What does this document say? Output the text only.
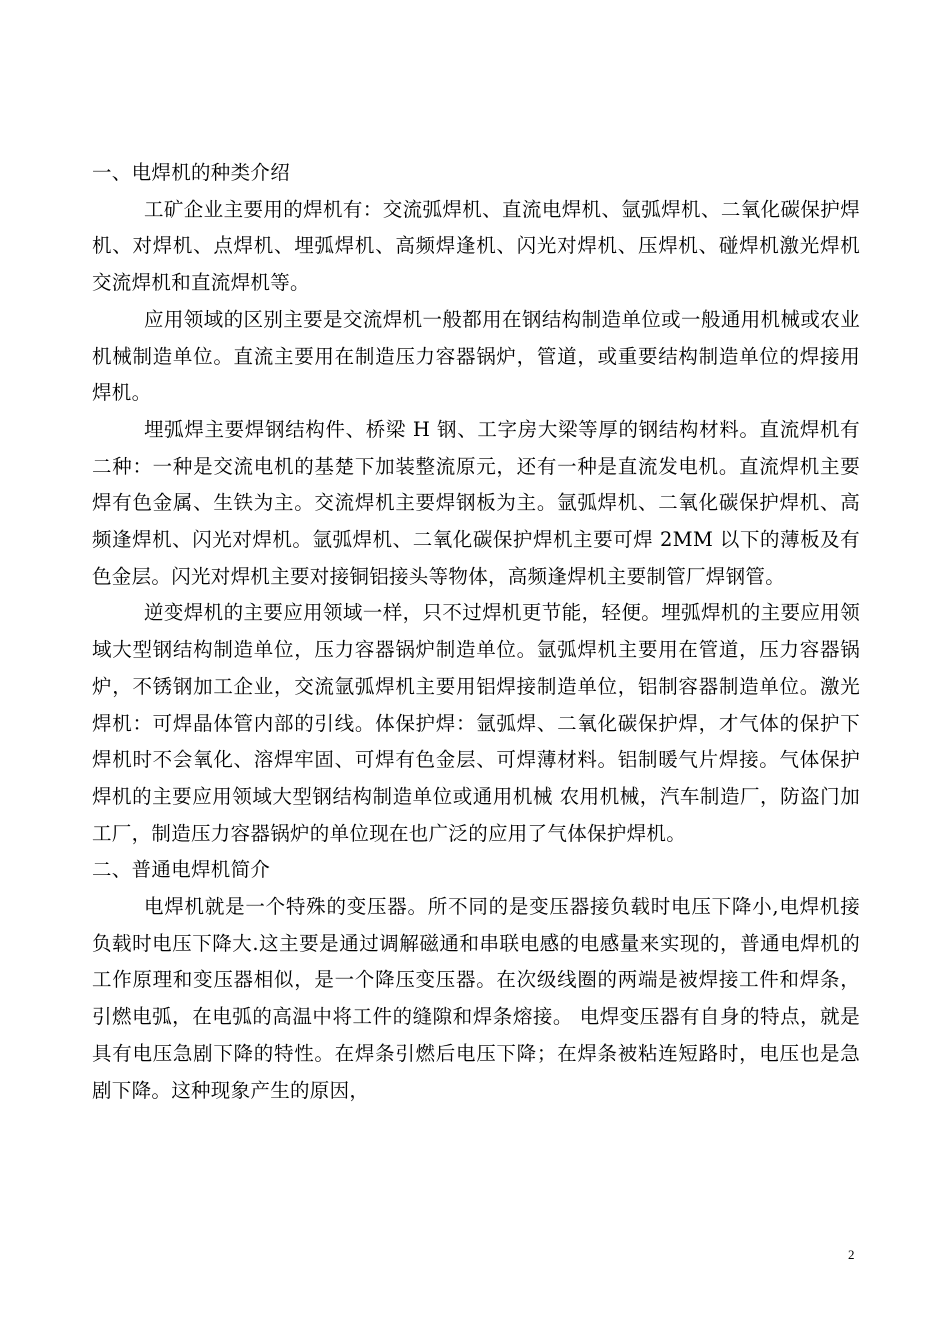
一、电焊机的种类介绍

工矿企业主要用的焊机有：交流弧焊机、直流电焊机、氩弧焊机、二氧化碳保护焊机、对焊机、点焊机、埋弧焊机、高频焊逢机、闪光对焊机、压焊机、碰焊机激光焊机交流焊机和直流焊机等。

应用领域的区别主要是交流焊机一般都用在钢结构制造单位或一般通用机械或农业机械制造单位。直流主要用在制造压力容器锅炉，管道，或重要结构制造单位的焊接用焊机。

埋弧焊主要焊钢结构件、桥梁 H 钢、工字房大梁等厚的钢结构材料。直流焊机有二种：一种是交流电机的基楚下加装整流原元，还有一种是直流发电机。直流焊机主要焊有色金属、生铁为主。交流焊机主要焊钢板为主。氩弧焊机、二氧化碳保护焊机、高频逢焊机、闪光对焊机。氩弧焊机、二氧化碳保护焊机主要可焊 2MM 以下的薄板及有色金层。闪光对焊机主要对接铜铝接头等物体，高频逢焊机主要制管厂焊钢管。

逆变焊机的主要应用领域一样，只不过焊机更节能，轻便。埋弧焊机的主要应用领域大型钢结构制造单位，压力容器锅炉制造单位。氩弧焊机主要用在管道，压力容器锅炉，不锈钢加工企业，交流氩弧焊机主要用铝焊接制造单位，铝制容器制造单位。激光焊机：可焊晶体管内部的引线。体保护焊：氩弧焊、二氧化碳保护焊，才气体的保护下焊机时不会氧化、溶焊牢固、可焊有色金层、可焊薄材料。铝制暖气片焊接。气体保护焊机的主要应用领域大型钢结构制造单位或通用机械 农用机械，汽车制造厂，防盗门加工厂，制造压力容器锅炉的单位现在也广泛的应用了气体保护焊机。

二、普通电焊机简介

电焊机就是一个特殊的变压器。所不同的是变压器接负载时电压下降小,电焊机接负载时电压下降大.这主要是通过调解磁通和串联电感的电感量来实现的，普通电焊机的工作原理和变压器相似，是一个降压变压器。在次级线圈的两端是被焊接工件和焊条，引燃电弧，在电弧的高温中将工件的缝隙和焊条熔接。 电焊变压器有自身的特点，就是具有电压急剧下降的特性。在焊条引燃后电压下降；在焊条被粘连短路时，电压也是急剧下降。这种现象产生的原因，

2
